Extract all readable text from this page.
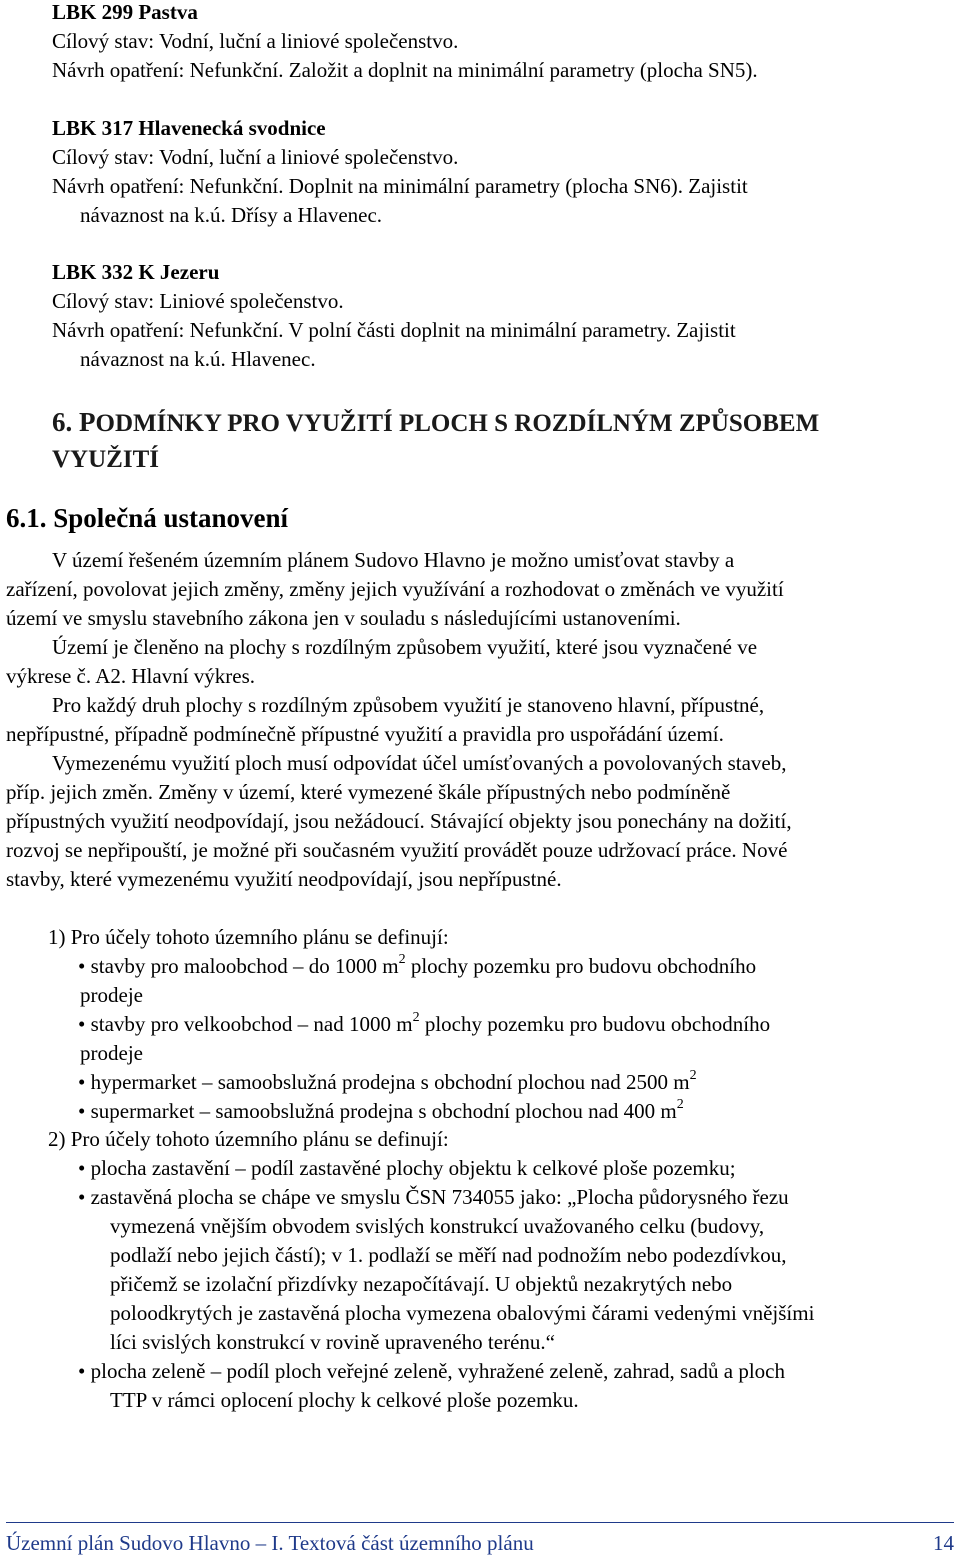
LBK 299 Pastva
Cílový stav: Vodní, luční a liniové společenstvo.
Návrh opatření: Nefunkční. Založit a doplnit na minimální parametry (plocha SN5).
LBK 317 Hlavenecká svodnice
Cílový stav: Vodní, luční a liniové společenstvo.
Návrh opatření: Nefunkční. Doplnit na minimální parametry (plocha SN6). Zajistit
návaznost na k.ú. Dřísy a Hlavenec.
LBK 332 K Jezeru
Cílový stav: Liniové společenstvo.
Návrh opatření: Nefunkční. V polní části doplnit na minimální parametry. Zajistit
návaznost na k.ú. Hlavenec.
6. PODMÍNKY PRO VYUŽITÍ PLOCH S ROZDÍLNÝM ZPŮSOBEM
VYUŽITÍ
6.1. Společná ustanovení
V území řešeném územním plánem Sudovo Hlavno je možno umisťovat stavby a
zařízení, povolovat jejich změny, změny jejich využívání a rozhodovat o změnách ve využití
území ve smyslu stavebního zákona jen v souladu s následujícími ustanoveními.
Území je členěno na plochy s rozdílným způsobem využití, které jsou vyznačené ve
výkrese č. A2. Hlavní výkres.
Pro každý druh plochy s rozdílným způsobem využití je stanoveno hlavní, přípustné,
nepřípustné, případně podmínečně přípustné využití a pravidla pro uspořádání území.
Vymezenému využití ploch musí odpovídat účel umísťovaných a povolovaných staveb,
příp. jejich změn. Změny v území, které vymezené škále přípustných nebo podmíněně
přípustných využití neodpovídají, jsou nežádoucí. Stávající objekty jsou ponechány na dožití,
rozvoj se nepřipouští, je možné při současném využití provádět pouze udržovací práce. Nové
stavby, které vymezenému využití neodpovídají, jsou nepřípustné.
1) Pro účely tohoto územního plánu se definují:
• stavby pro maloobchod – do 1000 $m^2$ plochy pozemku pro budovu obchodního
prodeje
• stavby pro velkoobchod – nad 1000 $m^2$ plochy pozemku pro budovu obchodního
prodeje
• hypermarket – samoobslužná prodejna s obchodní plochou nad 2500 $m^2$
• supermarket – samoobslužná prodejna s obchodní plochou nad 400 $m^2$
2) Pro účely tohoto územního plánu se definují:
• plocha zastavění – podíl zastavěné plochy objektu k celkové ploše pozemku;
• zastavěná plocha se chápe ve smyslu ČSN 734055 jako: „Plocha půdorysného řezu
vymezená vnějším obvodem svislých konstrukcí uvažovaného celku (budovy,
podlaží nebo jejich částí); v 1. podlaží se měří nad podnožím nebo podezdívkou,
přičemž se izolační přizdívky nezapočítávají. U objektů nezakrytých nebo
poloodkrytých je zastavěná plocha vymezena obalovými čárami vedenými vnějšími
líci svislých konstrukcí v rovině upraveného terénu.“
• plocha zeleně – podíl ploch veřejné zeleně, vyhražené zeleně, zahrad, sadů a ploch
TTP v rámci oplocení plochy k celkové ploše pozemku.
Územní plán Sudovo Hlavno – I. Textová část územního plánu	14
